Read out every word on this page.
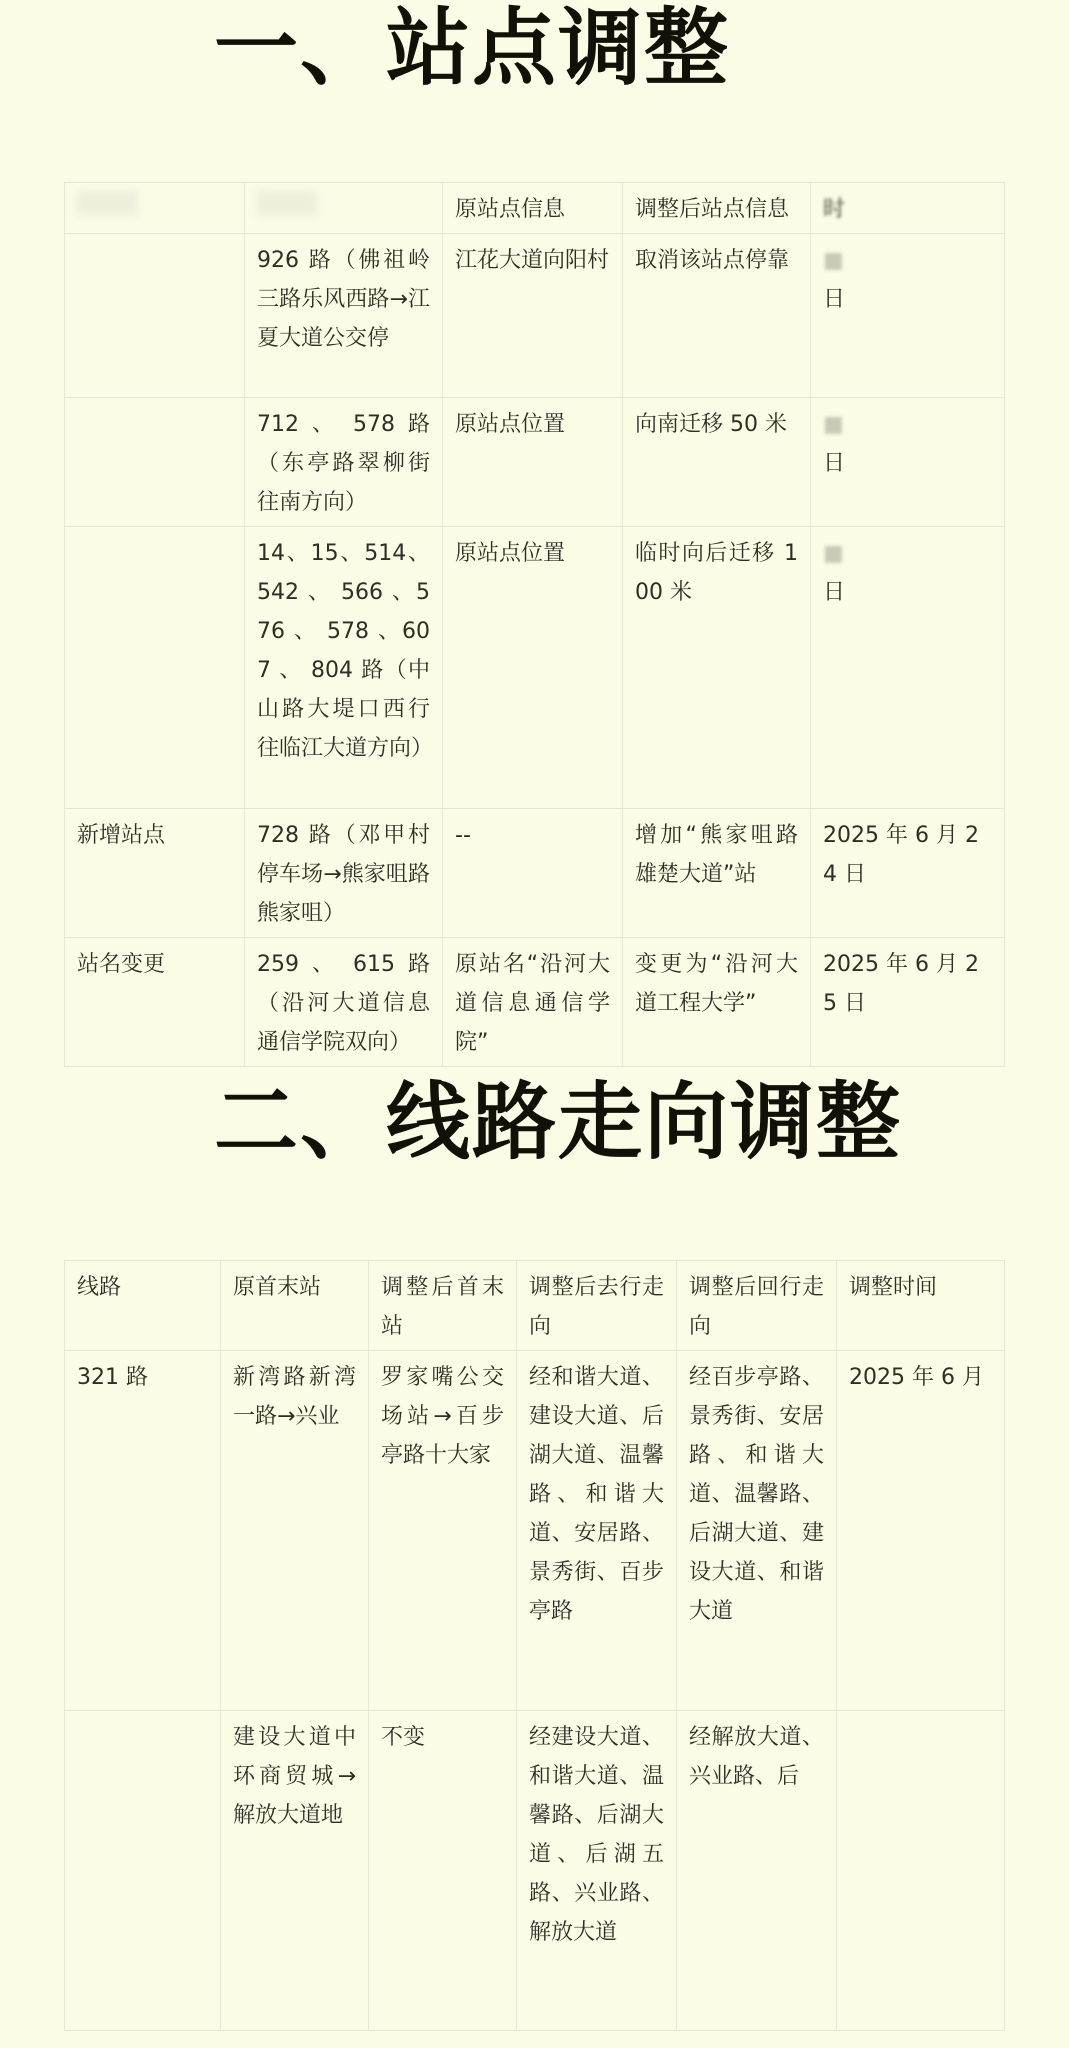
一、站点调整
		原站点信息	调整后站点信息	时
	926 路（佛祖岭三路乐风西路→江夏大道公交停	江花大道向阳村	取消该站点停靠	■
日
	712 、 578 路（东亭路翠柳街往南方向）	原站点位置	向南迁移 50 米	■
日
	14、15、514、542 、 566 、576 、 578 、607 、 804 路（中山路大堤口西行往临江大道方向）	原站点位置	临时向后迁移 100 米	■
日
新增站点	728 路（邓甲村停车场→熊家咀路熊家咀）	--	增加“熊家咀路雄楚大道”站	2025 年 6 月 24 日
站名变更	259 、 615 路（沿河大道信息通信学院双向）	原站名“沿河大道信息通信学院”	变更为“沿河大道工程大学”	2025 年 6 月 25 日
二、线路走向调整
线路	原首末站	调整后首末站	调整后去行走向	调整后回行走向	调整时间
321 路	新湾路新湾一路→兴业	罗家嘴公交场站→百步亭路十大家	经和谐大道、建设大道、后湖大道、温馨路、和谐大道、安居路、景秀街、百步亭路	经百步亭路、景秀街、安居路、和谐大道、温馨路、后湖大道、建设大道、和谐大道	2025 年 6 月
	建设大道中环商贸城→解放大道地	不变	经建设大道、和谐大道、温馨路、后湖大道、后湖五路、兴业路、解放大道	经解放大道、兴业路、后	
